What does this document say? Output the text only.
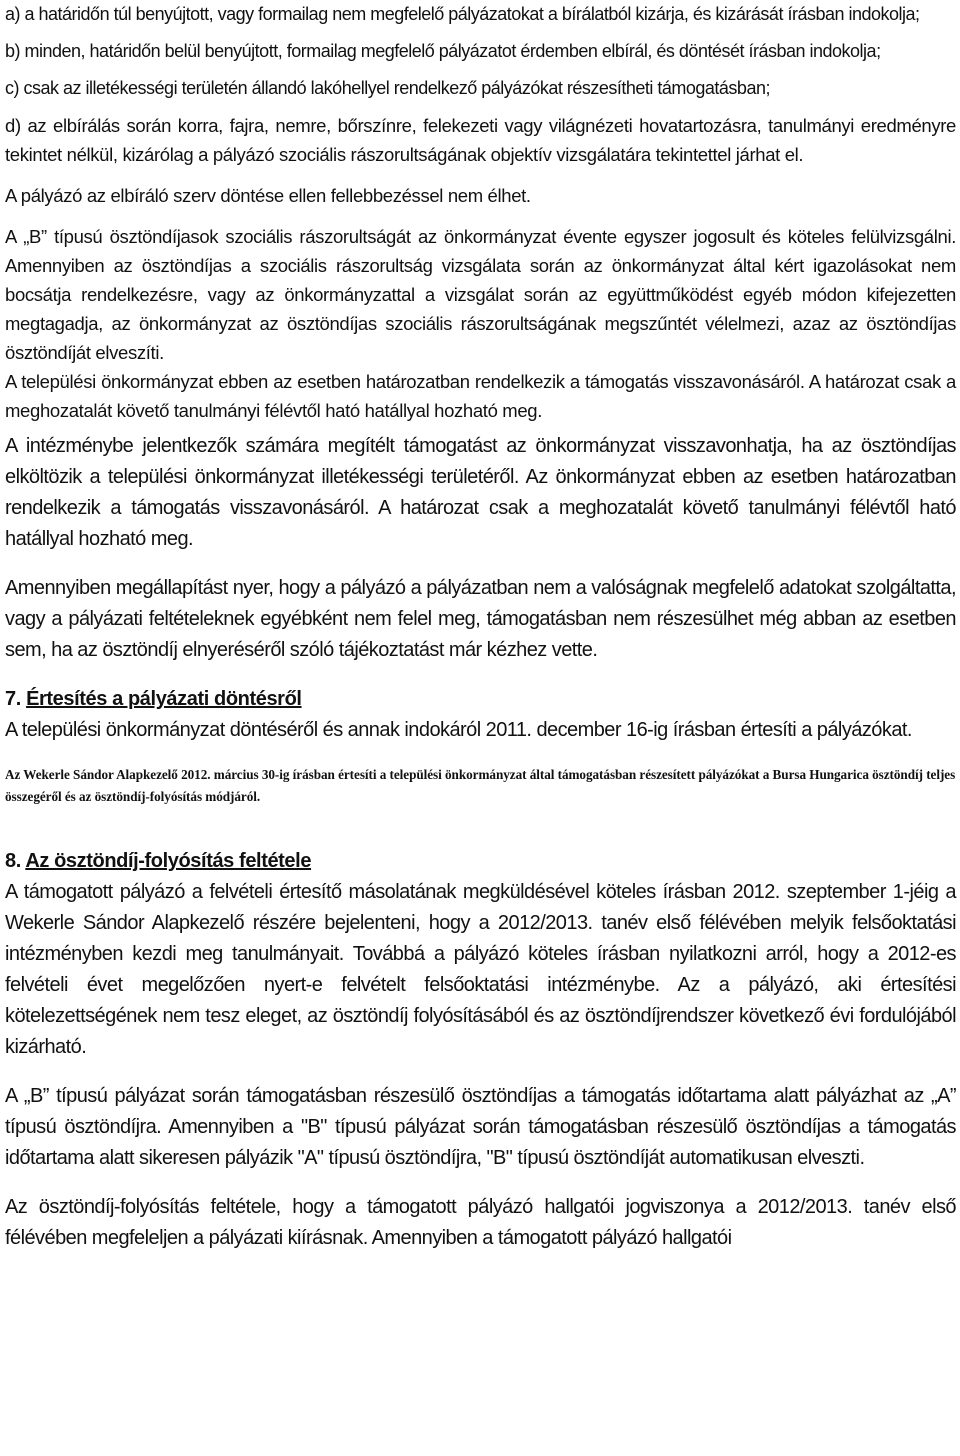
a) a határidőn túl benyújtott, vagy formailag nem megfelelő pályázatokat a bírálatból kizárja, és kizárását írásban indokolja;

b) minden, határidőn belül benyújtott, formailag megfelelő pályázatot érdemben elbírál, és döntését írásban indokolja;

c) csak az illetékességi területén állandó lakóhellyel rendelkező pályázókat részesítheti támogatásban;

d) az elbírálás során korra, fajra, nemre, bőrszínre, felekezeti vagy világnézeti hovatartozásra, tanulmányi eredményre tekintet nélkül, kizárólag a pályázó szociális rászorultságának objektív vizsgálatára tekintettel járhat el.

A pályázó az elbíráló szerv döntése ellen fellebbezéssel nem élhet.

A „B” típusú ösztöndíjasok szociális rászorultságát az önkormányzat évente egyszer jogosult és köteles felülvizsgálni. Amennyiben az ösztöndíjas a szociális rászorultság vizsgálata során az önkormányzat által kért igazolásokat nem bocsátja rendelkezésre, vagy az önkormányzattal a vizsgálat során az együttműködést egyéb módon kifejezetten megtagadja, az önkormányzat az ösztöndíjas szociális rászorultságának megszűntét vélelmezi, azaz az ösztöndíjas ösztöndíját elveszíti.

A települési önkormányzat ebben az esetben határozatban rendelkezik a támogatás visszavonásáról. A határozat csak a meghozatalát követő tanulmányi félévtől ható hatállyal hozható meg.

A intézménybe jelentkezők számára megítélt támogatást az önkormányzat visszavonhatja, ha az ösztöndíjas elköltözik a települési önkormányzat illetékességi területéről. Az önkormányzat ebben az esetben határozatban rendelkezik a támogatás visszavonásáról. A határozat csak a meghozatalát követő tanulmányi félévtől ható hatállyal hozható meg.

Amennyiben megállapítást nyer, hogy a pályázó a pályázatban nem a valóságnak megfelelő adatokat szolgáltatta, vagy a pályázati feltételeknek egyébként nem felel meg, támogatásban nem részesülhet még abban az esetben sem, ha az ösztöndíj elnyeréséről szóló tájékoztatást már kézhez vette.

7. Értesítés a pályázati döntésről

A települési önkormányzat döntéséről és annak indokáról 2011. december 16-ig írásban értesíti a pályázókat.

Az Wekerle Sándor Alapkezelő 2012. március 30-ig írásban értesíti a települési önkormányzat által támogatásban részesített pályázókat a Bursa Hungarica ösztöndíj teljes összegéről és az ösztöndíj-folyósítás módjáról.

8. Az ösztöndíj-folyósítás feltétele

A támogatott pályázó a felvételi értesítő másolatának megküldésével köteles írásban 2012. szeptember 1-jéig a Wekerle Sándor Alapkezelő részére bejelenteni, hogy a 2012/2013. tanév első félévében melyik felsőoktatási intézményben kezdi meg tanulmányait. Továbbá a pályázó köteles írásban nyilatkozni arról, hogy a 2012-es felvételi évet megelőzően nyert-e felvételt felsőoktatási intézménybe. Az a pályázó, aki értesítési kötelezettségének nem tesz eleget, az ösztöndíj folyósításából és az ösztöndíjrendszer következő évi fordulójából kizárható.

A „B” típusú pályázat során támogatásban részesülő ösztöndíjas a támogatás időtartama alatt pályázhat az „A” típusú ösztöndíjra. Amennyiben a "B" típusú pályázat során támogatásban részesülő ösztöndíjas a támogatás időtartama alatt sikeresen pályázik "A" típusú ösztöndíjra, "B" típusú ösztöndíját automatikusan elveszti.

Az ösztöndíj-folyósítás feltétele, hogy a támogatott pályázó hallgatói jogviszonya a 2012/2013. tanév első félévében megfeleljen a pályázati kiírásnak. Amennyiben a támogatott pályázó hallgatói
